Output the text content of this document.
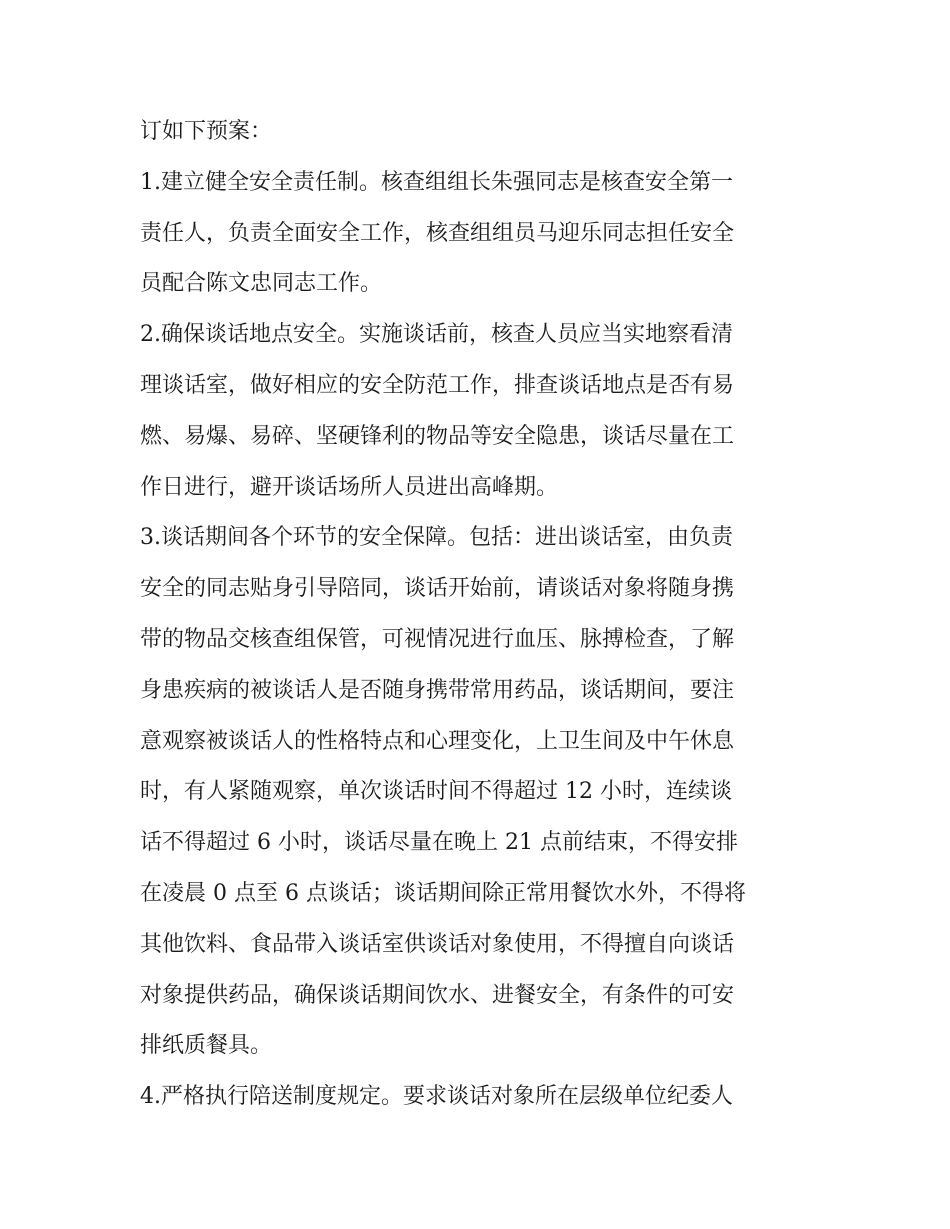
订如下预案：
1.建立健全安全责任制。核查组组长朱强同志是核查安全第一
责任人，负责全面安全工作，核查组组员马迎乐同志担任安全
员配合陈文忠同志工作。
2.确保谈话地点安全。实施谈话前，核查人员应当实地察看清
理谈话室，做好相应的安全防范工作，排查谈话地点是否有易
燃、易爆、易碎、坚硬锋利的物品等安全隐患，谈话尽量在工
作日进行，避开谈话场所人员进出高峰期。
3.谈话期间各个环节的安全保障。包括：进出谈话室，由负责
安全的同志贴身引导陪同，谈话开始前，请谈话对象将随身携
带的物品交核查组保管，可视情况进行血压、脉搏检查，了解
身患疾病的被谈话人是否随身携带常用药品，谈话期间，要注
意观察被谈话人的性格特点和心理变化，上卫生间及中午休息
时，有人紧随观察，单次谈话时间不得超过 12 小时，连续谈
话不得超过 6 小时，谈话尽量在晚上 21 点前结束，不得安排
在凌晨 0 点至 6 点谈话；谈话期间除正常用餐饮水外，不得将
其他饮料、食品带入谈话室供谈话对象使用，不得擅自向谈话
对象提供药品，确保谈话期间饮水、进餐安全，有条件的可安
排纸质餐具。
4.严格执行陪送制度规定。要求谈话对象所在层级单位纪委人
